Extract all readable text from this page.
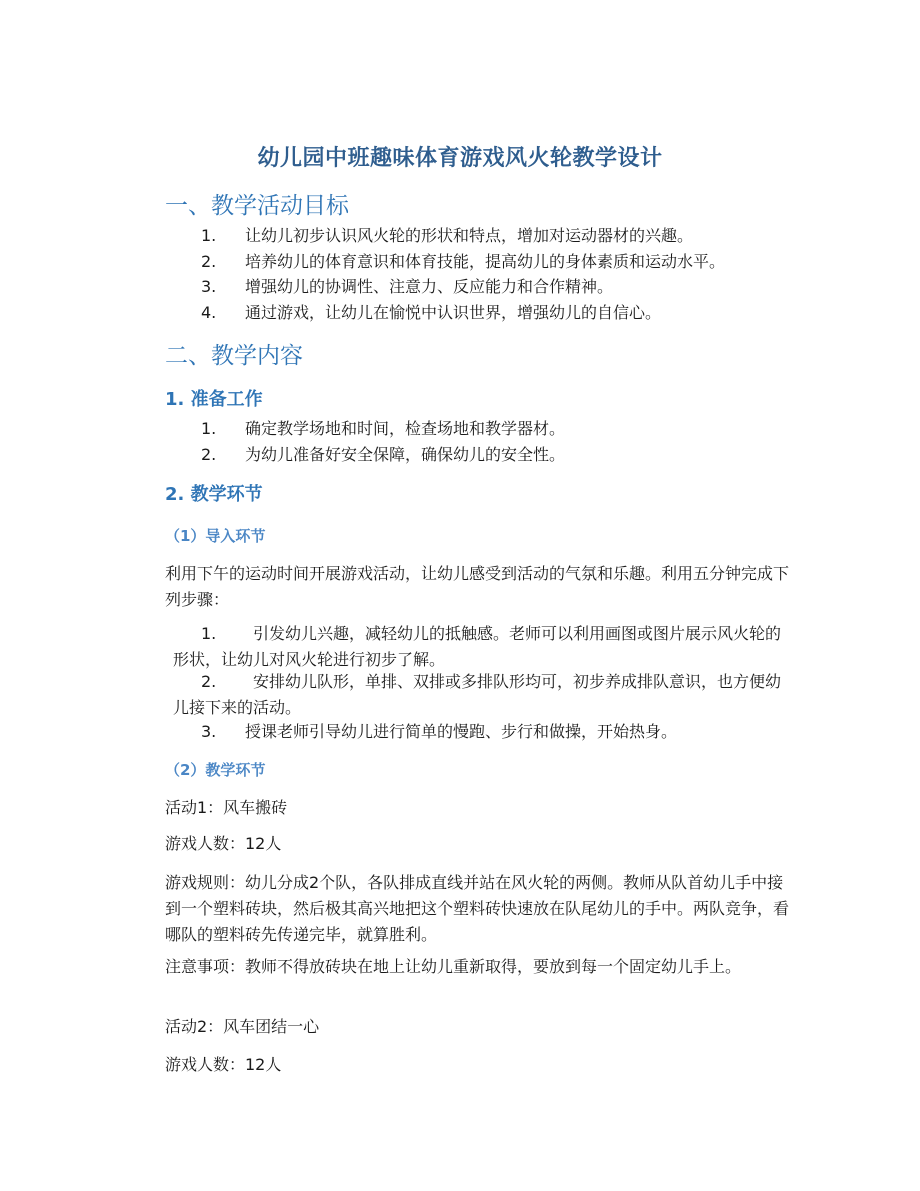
幼儿园中班趣味体育游戏风火轮教学设计
一、教学活动目标
1. 让幼儿初步认识风火轮的形状和特点，增加对运动器材的兴趣。
2. 培养幼儿的体育意识和体育技能，提高幼儿的身体素质和运动水平。
3. 增强幼儿的协调性、注意力、反应能力和合作精神。
4. 通过游戏，让幼儿在愉悦中认识世界，增强幼儿的自信心。
二、教学内容
1. 准备工作
1. 确定教学场地和时间，检查场地和教学器材。
2. 为幼儿准备好安全保障，确保幼儿的安全性。
2. 教学环节
（1）导入环节
利用下午的运动时间开展游戏活动，让幼儿感受到活动的气氛和乐趣。利用五分钟完成下列步骤：
1.	引发幼儿兴趣，减轻幼儿的抵触感。老师可以利用画图或图片展示风火轮的形状，让幼儿对风火轮进行初步了解。
2.	安排幼儿队形，单排、双排或多排队形均可，初步养成排队意识，也方便幼儿接下来的活动。
3. 授课老师引导幼儿进行简单的慢跑、步行和做操，开始热身。
（2）教学环节
活动1：风车搬砖
游戏人数：12人
游戏规则：幼儿分成2个队，各队排成直线并站在风火轮的两侧。教师从队首幼儿手中接到一个塑料砖块，然后极其高兴地把这个塑料砖快速放在队尾幼儿的手中。两队竞争，看哪队的塑料砖先传递完毕，就算胜利。
注意事项：教师不得放砖块在地上让幼儿重新取得，要放到每一个固定幼儿手上。
活动2：风车团结一心
游戏人数：12人
